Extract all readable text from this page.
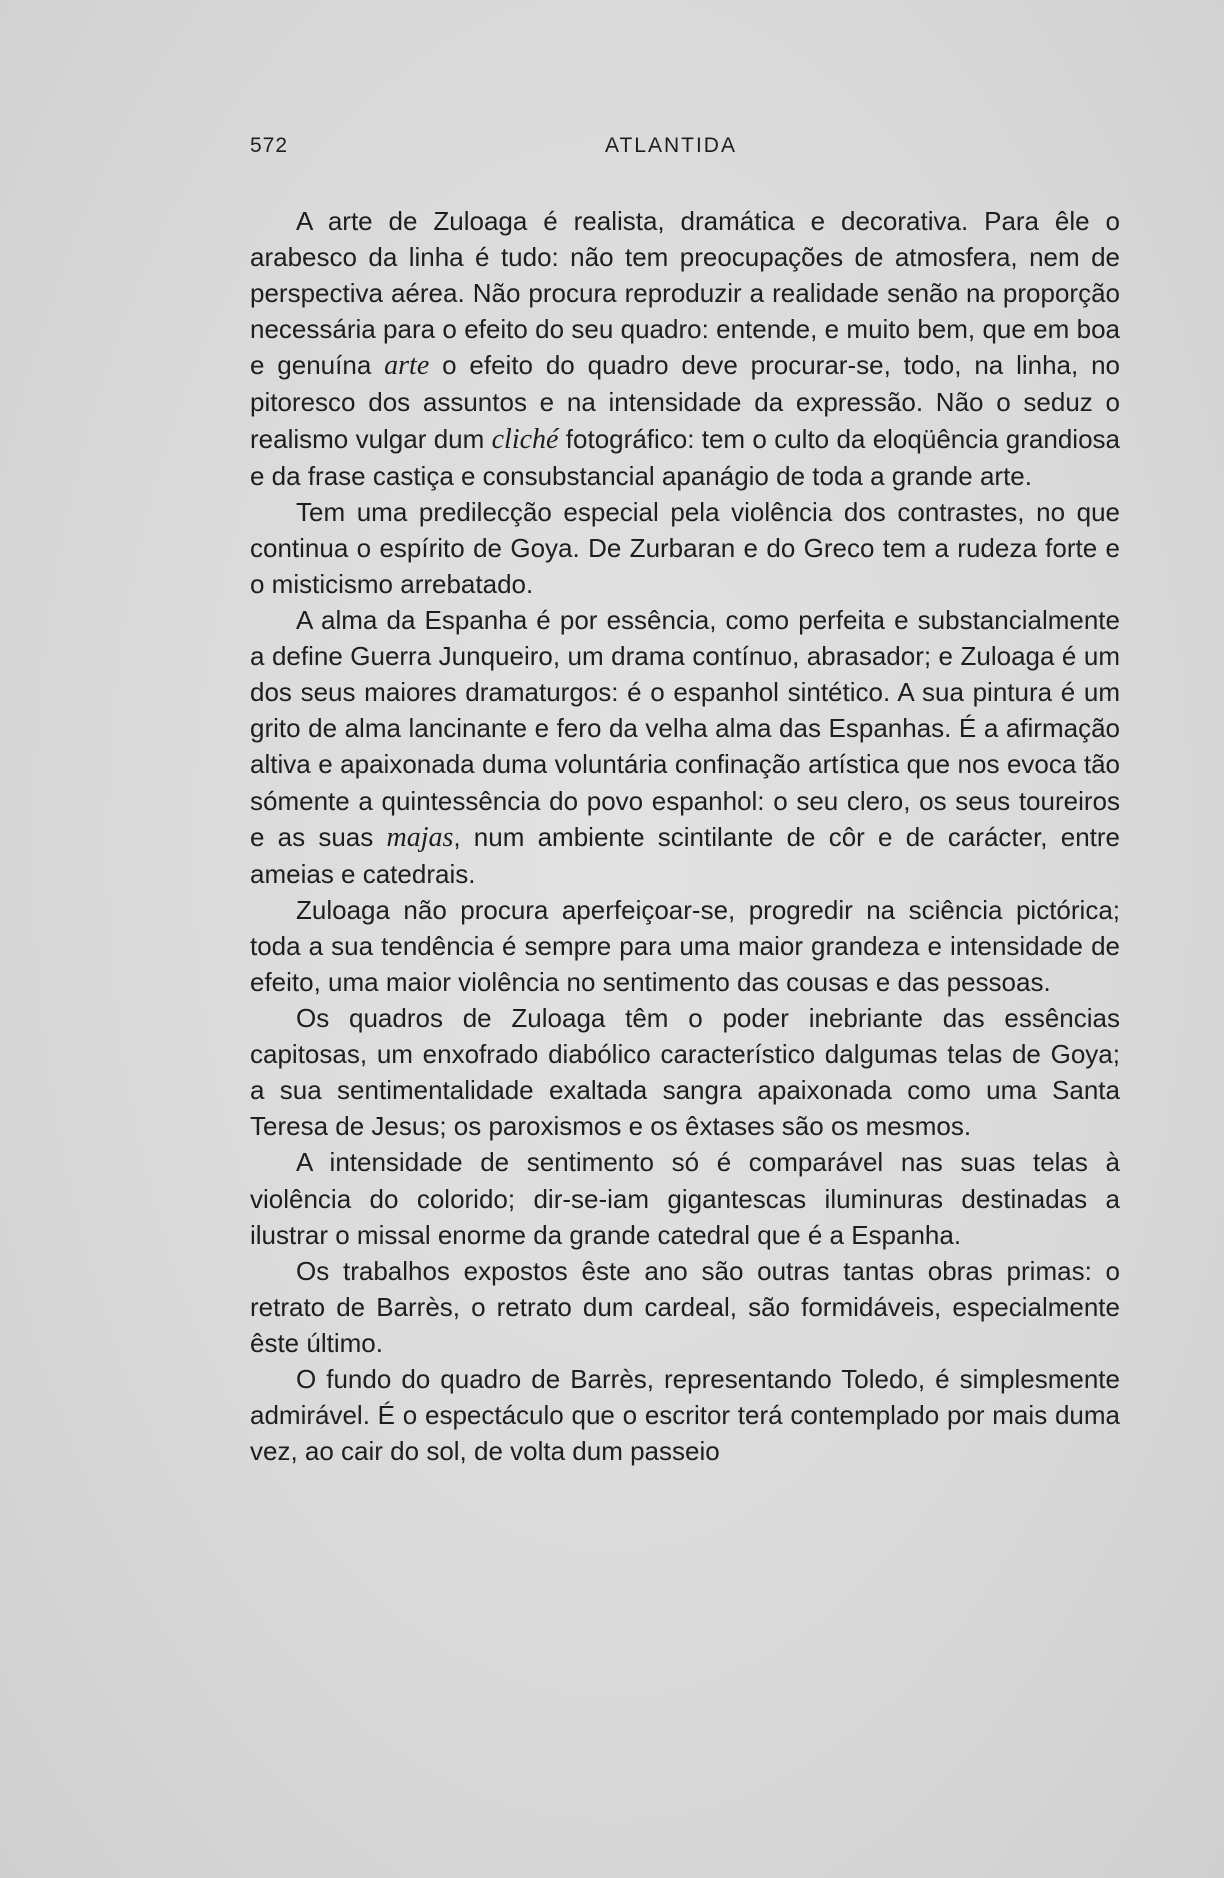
572	ATLANTIDA

A arte de Zuloaga é realista, dramática e decorativa. Para êle o arabesco da linha é tudo: não tem preocupações de atmosfera, nem de perspectiva aérea. Não procura reproduzir a realidade senão na proporção necessária para o efeito do seu quadro: entende, e muito bem, que em boa e genuína arte o efeito do quadro deve procurar-se, todo, na linha, no pitoresco dos assuntos e na intensidade da expressão. Não o seduz o realismo vulgar dum cliché fotográfico: tem o culto da eloqüência grandiosa e da frase castiça e consubstancial apanágio de toda a grande arte.

Tem uma predilecção especial pela violência dos contrastes, no que continua o espírito de Goya. De Zurbaran e do Greco tem a rudeza forte e o misticismo arrebatado.

A alma da Espanha é por essência, como perfeita e substancialmente a define Guerra Junqueiro, um drama contínuo, abrasador; e Zuloaga é um dos seus maiores dramaturgos: é o espanhol sintético. A sua pintura é um grito de alma lancinante e fero da velha alma das Espanhas. É a afirmação altiva e apaixonada duma voluntária confinação artística que nos evoca tão sómente a quintessência do povo espanhol: o seu clero, os seus toureiros e as suas majas, num ambiente scintilante de côr e de carácter, entre ameias e catedrais.

Zuloaga não procura aperfeiçoar-se, progredir na sciência pictórica; toda a sua tendência é sempre para uma maior grandeza e intensidade de efeito, uma maior violência no sentimento das cousas e das pessoas.

Os quadros de Zuloaga têm o poder inebriante das essências capitosas, um enxofrado diabólico característico dalgumas telas de Goya; a sua sentimentalidade exaltada sangra apaixonada como uma Santa Teresa de Jesus; os paroxismos e os êxtases são os mesmos.

A intensidade de sentimento só é comparável nas suas telas à violência do colorido; dir-se-iam gigantescas iluminuras destinadas a ilustrar o missal enorme da grande catedral que é a Espanha.

Os trabalhos expostos êste ano são outras tantas obras primas: o retrato de Barrès, o retrato dum cardeal, são formidáveis, especialmente êste último.

O fundo do quadro de Barrès, representando Toledo, é simplesmente admirável. É o espectáculo que o escritor terá contemplado por mais duma vez, ao cair do sol, de volta dum passeio
